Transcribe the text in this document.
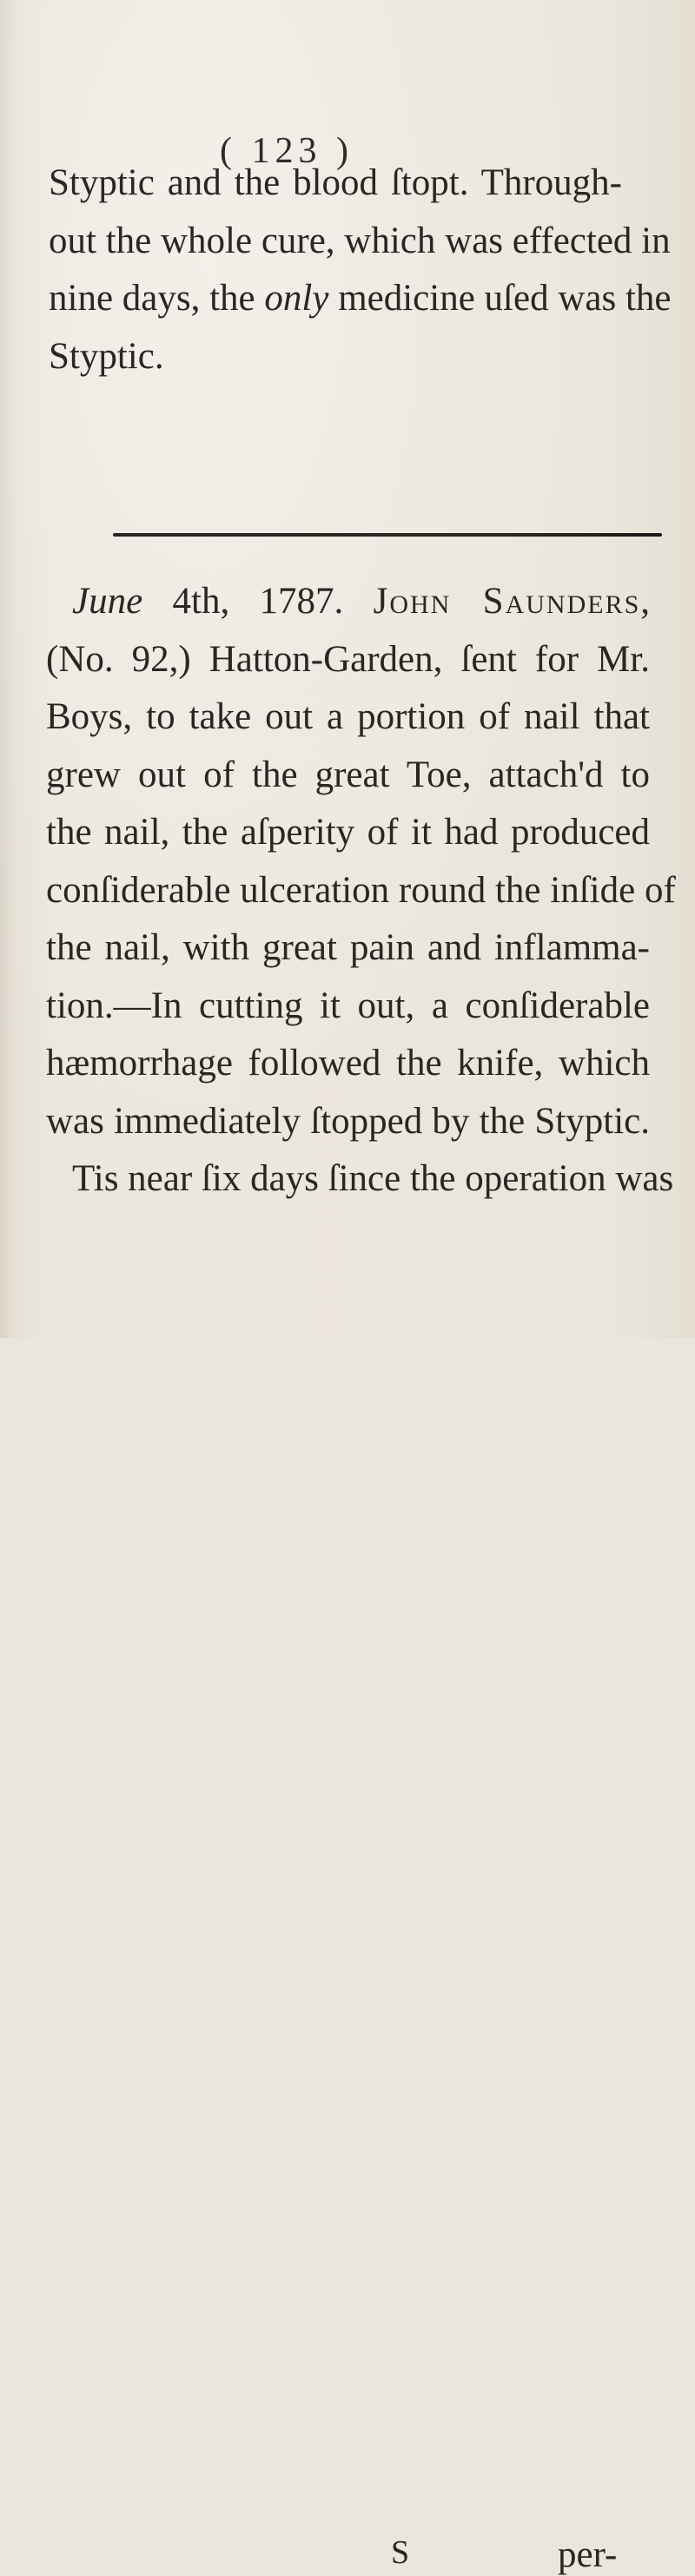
( 123 )
Styptic and the blood ſtopt. Through-
out the whole cure, which was effected in
nine days, the only medicine uſed was the
Styptic.
June 4th, 1787. John Saunders,
(No. 92,) Hatton-Garden, ſent for Mr.
Boys, to take out a portion of nail that
grew out of the great Toe, attach'd to
the nail, the aſperity of it had produced
conſiderable ulceration round the inſide of
the nail, with great pain and inflamma-
tion.—In cutting it out, a conſiderable
hæmorrhage followed the knife, which
was immediately ſtopped by the Styptic.
Tis near ſix days ſince the operation was
S	per-
